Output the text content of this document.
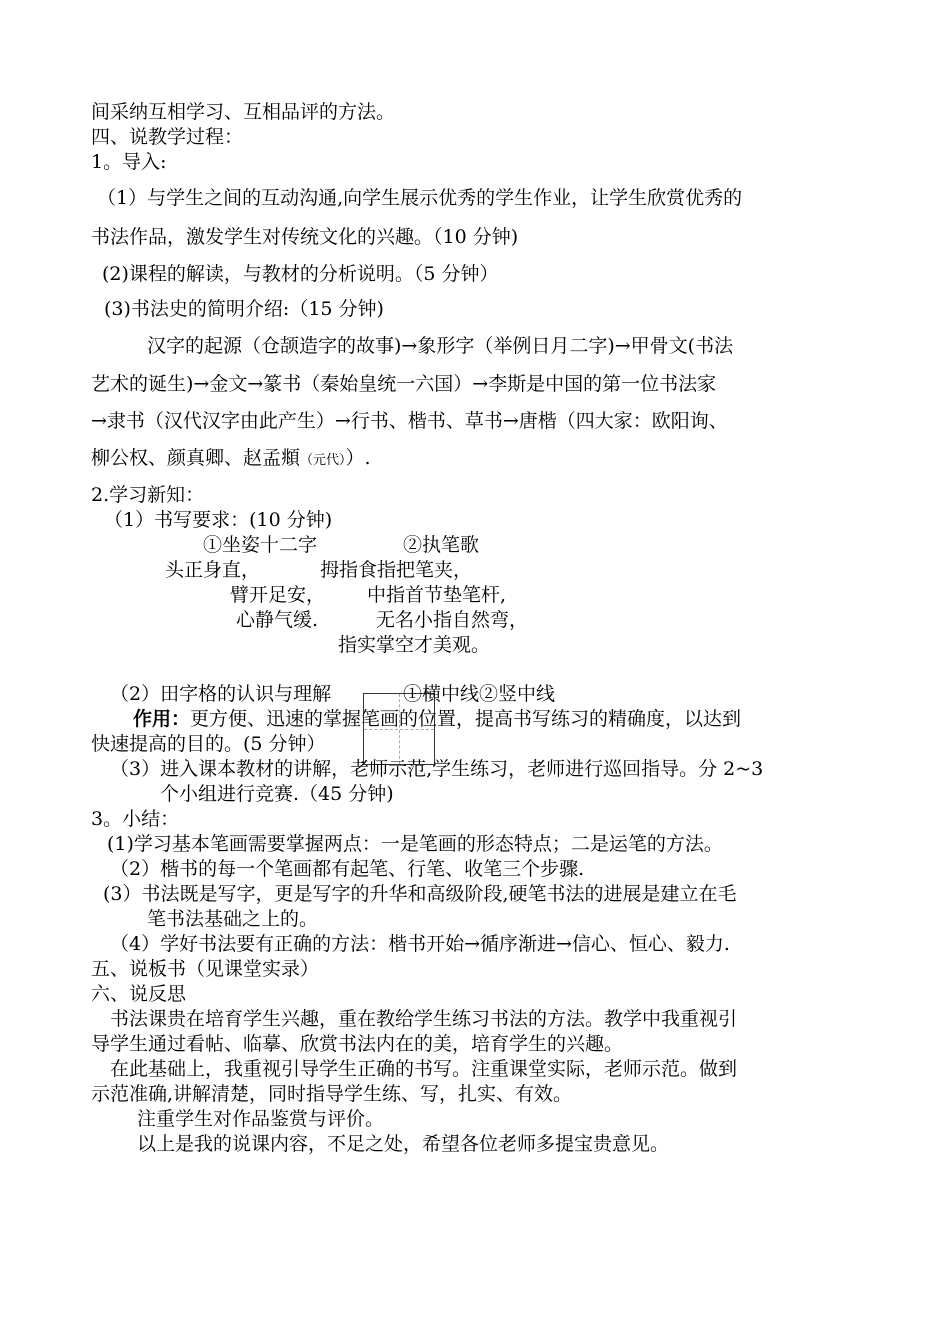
间采纳互相学习、互相品评的方法。
四、说教学过程：
1。导入:
（1）与学生之间的互动沟通,向学生展示优秀的学生作业，让学生欣赏优秀的
书法作品，激发学生对传统文化的兴趣。（10 分钟)
(2)课程的解读，与教材的分析说明。（5 分钟）
(3)书法史的简明介绍:（15 分钟)
汉字的起源（仓颉造字的故事)→象形字（举例日月二字)→甲骨文(书法
艺术的诞生)→金文→篆书（秦始皇统一六国）→李斯是中国的第一位书法家
→隶书（汉代汉字由此产生）→行书、楷书、草书→唐楷（四大家：欧阳询、
柳公权、颜真卿、赵孟頫（元代））.
2.学习新知：
（1）书写要求：(10 分钟)
①坐姿十二字	②执笔歌
头正身直，	拇指食指把笔夹，
臂开足安， 中指首节垫笔杆,
心静气缓.	无名小指自然弯，
指实掌空才美观。
（2）田字格的认识与理解	①横中线②竖中线
作用：更方便、迅速的掌握笔画的位置，提高书写练习的精确度，以达到
快速提高的目的。(5 分钟）
（3）进入课本教材的讲解，老师示范,学生练习，老师进行巡回指导。分 2~3
个小组进行竞赛.（45 分钟)
3。小结：
(1)学习基本笔画需要掌握两点：一是笔画的形态特点；二是运笔的方法。
（2）楷书的每一个笔画都有起笔、行笔、收笔三个步骤.
(3）书法既是写字，更是写字的升华和高级阶段,硬笔书法的进展是建立在毛
笔书法基础之上的。
（4）学好书法要有正确的方法：楷书开始→循序渐进→信心、恒心、毅力.
五、说板书（见课堂实录）
六、说反思
书法课贵在培育学生兴趣，重在教给学生练习书法的方法。教学中我重视引
导学生通过看帖、临摹、欣赏书法内在的美，培育学生的兴趣。
在此基础上，我重视引导学生正确的书写。注重课堂实际，老师示范。做到
示范准确,讲解清楚，同时指导学生练、写，扎实、有效。
注重学生对作品鉴赏与评价。
以上是我的说课内容，不足之处，希望各位老师多提宝贵意见。
